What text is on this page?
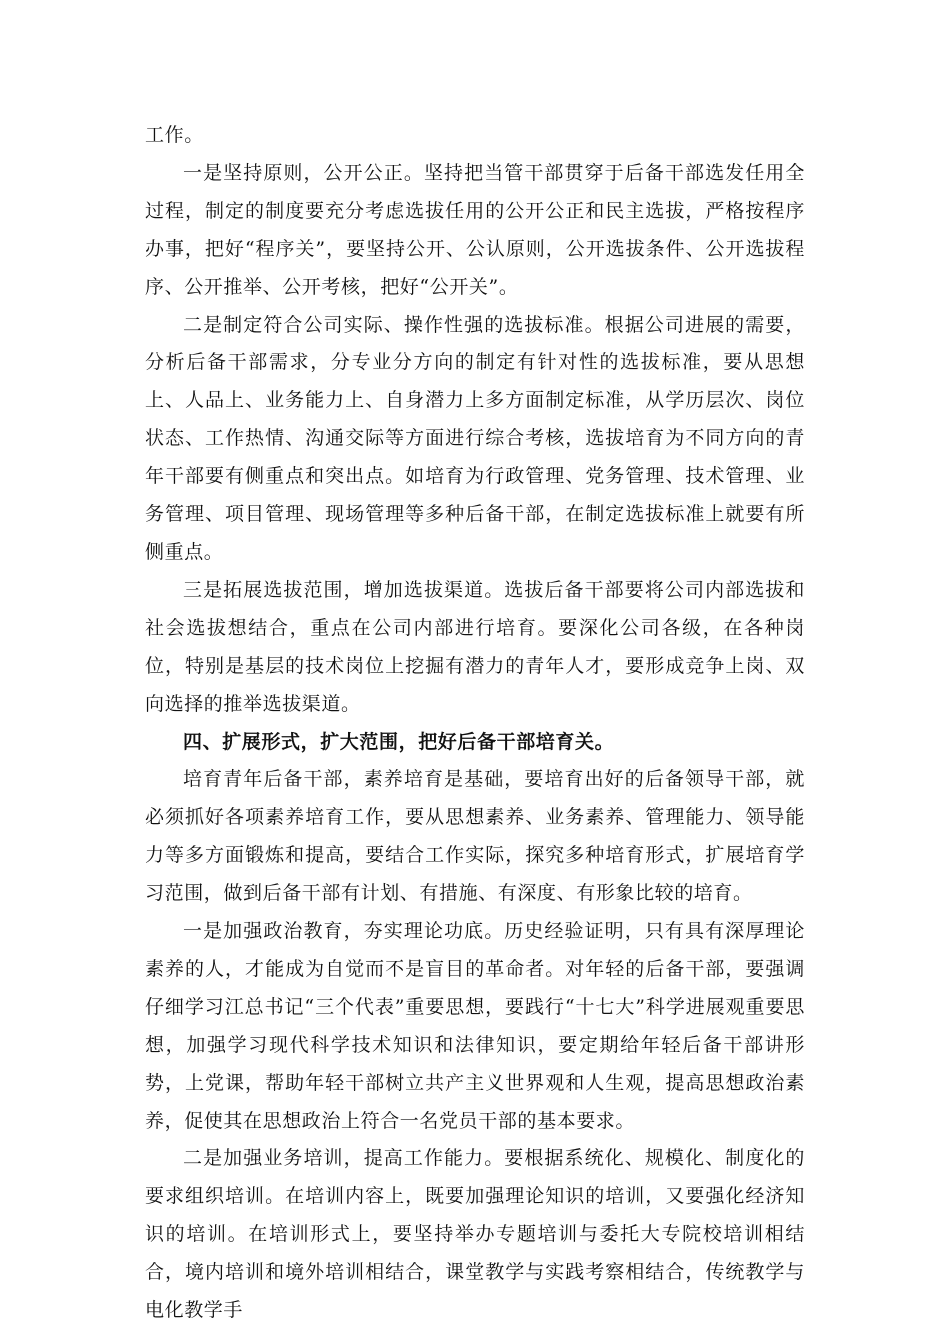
工作。

一是坚持原则，公开公正。坚持把当管干部贯穿于后备干部选发任用全过程，制定的制度要充分考虑选拔任用的公开公正和民主选拔，严格按程序办事，把好“程序关”，要坚持公开、公认原则，公开选拔条件、公开选拔程序、公开推举、公开考核，把好“公开关”。

二是制定符合公司实际、操作性强的选拔标准。根据公司进展的需要，分析后备干部需求，分专业分方向的制定有针对性的选拔标准，要从思想上、人品上、业务能力上、自身潜力上多方面制定标准，从学历层次、岗位状态、工作热情、沟通交际等方面进行综合考核，选拔培育为不同方向的青年干部要有侧重点和突出点。如培育为行政管理、党务管理、技术管理、业务管理、项目管理、现场管理等多种后备干部，在制定选拔标准上就要有所侧重点。

三是拓展选拔范围，增加选拔渠道。选拔后备干部要将公司内部选拔和社会选拔想结合，重点在公司内部进行培育。要深化公司各级，在各种岗位，特别是基层的技术岗位上挖掘有潜力的青年人才，要形成竞争上岗、双向选择的推举选拔渠道。

四、扩展形式，扩大范围，把好后备干部培育关。

培育青年后备干部，素养培育是基础，要培育出好的后备领导干部，就必须抓好各项素养培育工作，要从思想素养、业务素养、管理能力、领导能力等多方面锻炼和提高，要结合工作实际，探究多种培育形式，扩展培育学习范围，做到后备干部有计划、有措施、有深度、有形象比较的培育。

一是加强政治教育，夯实理论功底。历史经验证明，只有具有深厚理论素养的人，才能成为自觉而不是盲目的革命者。对年轻的后备干部，要强调仔细学习江总书记“三个代表”重要思想，要践行“十七大”科学进展观重要思想，加强学习现代科学技术知识和法律知识，要定期给年轻后备干部讲形势，上党课，帮助年轻干部树立共产主义世界观和人生观，提高思想政治素养，促使其在思想政治上符合一名党员干部的基本要求。

二是加强业务培训，提高工作能力。要根据系统化、规模化、制度化的要求组织培训。在培训内容上，既要加强理论知识的培训，又要强化经济知识的培训。在培训形式上，要坚持举办专题培训与委托大专院校培训相结合，境内培训和境外培训相结合，课堂教学与实践考察相结合，传统教学与电化教学手
